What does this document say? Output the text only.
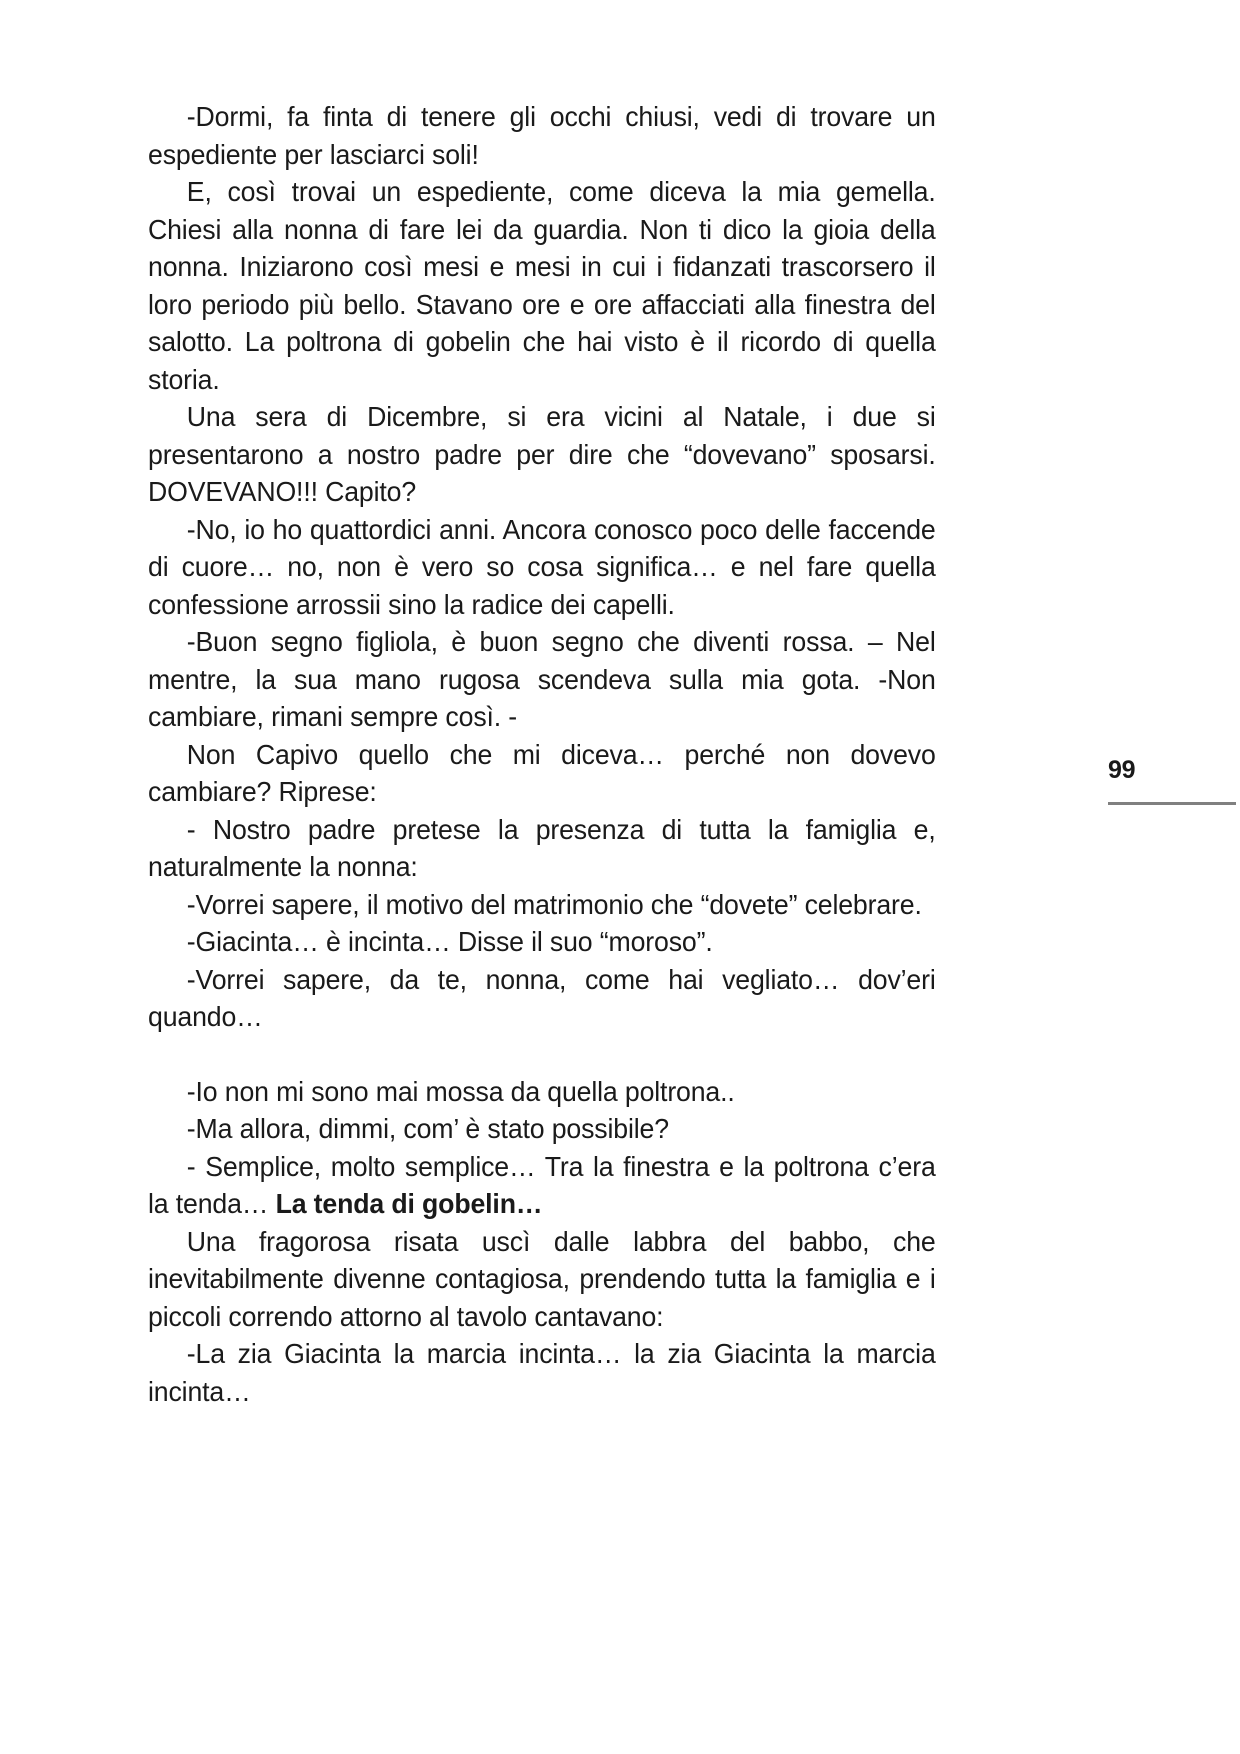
-Dormi, fa finta di tenere gli occhi chiusi, vedi di trovare un espediente per lasciarci soli!

E, così trovai un espediente, come diceva la mia gemella. Chiesi alla nonna di fare lei da guardia. Non ti dico la gioia della nonna. Iniziarono così mesi e mesi in cui i fidanzati trascorsero il loro periodo più bello. Stavano ore e ore affacciati alla finestra del salotto. La poltrona di gobelin che hai visto è il ricordo di quella storia.

Una sera di Dicembre, si era vicini al Natale, i due si presentarono a nostro padre per dire che “dovevano” sposarsi. DOVEVANO!!! Capito?

-No, io ho quattordici anni. Ancora conosco poco delle faccende di cuore… no, non è vero so cosa significa… e nel fare quella confessione arrossii sino la radice dei capelli.

-Buon segno figliola, è buon segno che diventi rossa. – Nel mentre, la sua mano rugosa scendeva sulla mia gota. -Non cambiare, rimani sempre così. -

Non Capivo quello che mi diceva… perché non dovevo cambiare? Riprese:

- Nostro padre pretese la presenza di tutta la famiglia e, naturalmente la nonna:

-Vorrei sapere, il motivo del matrimonio che “dovete” celebrare.

-Giacinta… è incinta… Disse il suo “moroso”.

-Vorrei sapere, da te, nonna, come hai vegliato… dov’eri quando…

-Io non mi sono mai mossa da quella poltrona..

-Ma allora, dimmi, com’ è stato possibile?

- Semplice, molto semplice… Tra la finestra e la poltrona c’era la tenda… La tenda di gobelin…

Una fragorosa risata uscì dalle labbra del babbo, che inevitabilmente divenne contagiosa, prendendo tutta la famiglia e i piccoli correndo attorno al tavolo cantavano:

-La zia Giacinta la marcia incinta… la zia Giacinta la marcia incinta…

99
